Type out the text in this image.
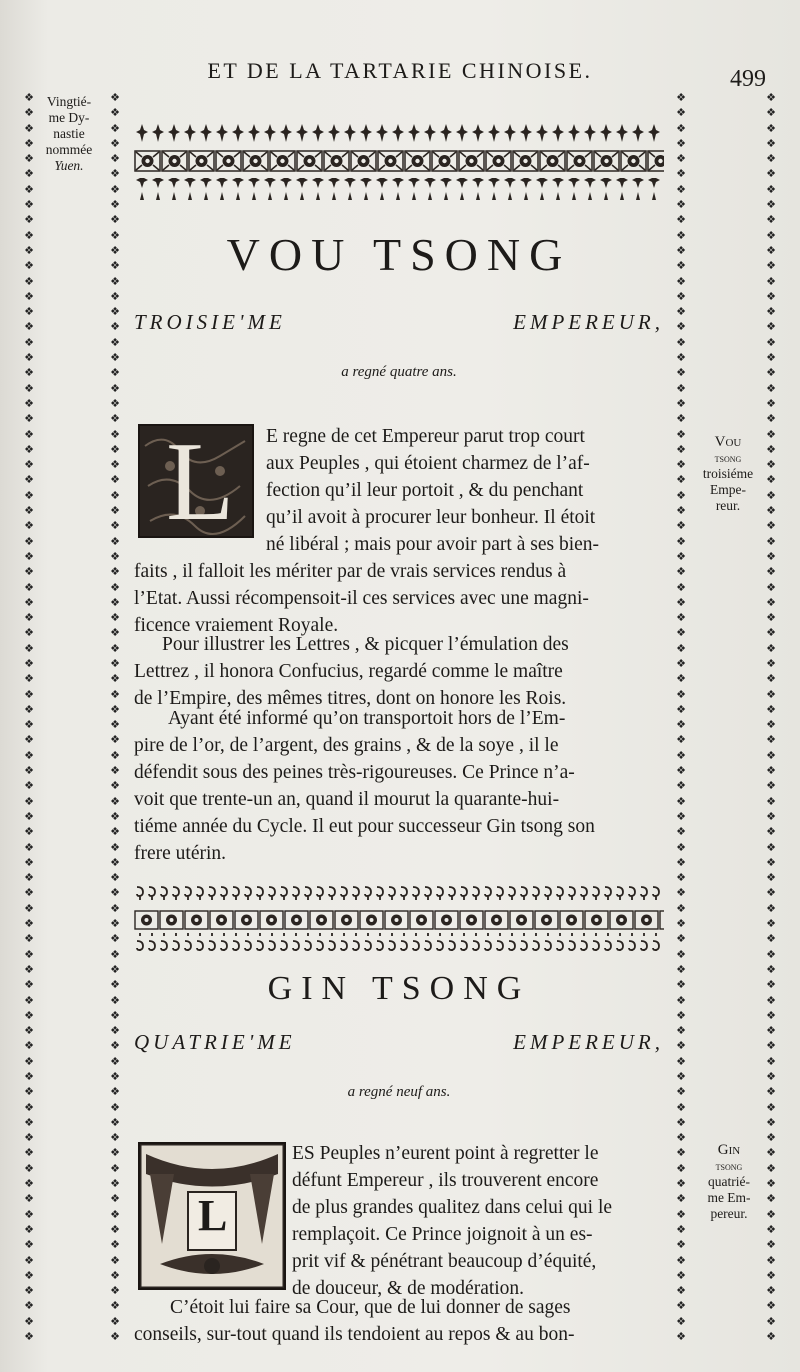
ET DE LA TARTARIE CHINOISE.	499
❖
❖
❖
❖
❖
❖
❖
❖
❖
❖
❖
❖
❖
❖
❖
❖
❖
❖
❖
❖
❖
❖
❖
❖
❖
❖
❖
❖
❖
❖
❖
❖
❖
❖
❖
❖
❖
❖
❖
❖
❖
❖
❖
❖
❖
❖
❖
❖
❖
❖
❖
❖
❖
❖
❖
❖
❖
❖
❖
❖
❖
❖
❖
❖
❖
❖
❖
❖
❖
❖
❖
❖
❖
❖
❖
❖
❖
❖
❖
❖
❖
❖
❖
❖
❖
❖
❖
❖
❖
❖
❖
❖
❖
❖
❖
❖
❖
❖
❖
❖
❖
❖
❖
❖
❖
❖
❖
❖
❖
❖
❖
❖
❖
❖
❖
❖
❖
❖
❖
❖
❖
❖
❖
❖
❖
❖
❖
❖
❖
❖
❖
❖
❖
❖
❖
❖
❖
❖
❖
❖
❖
❖
❖
❖
❖
❖
❖
❖
❖
❖
❖
❖
❖
❖
❖
❖
❖
❖
❖
❖
❖
❖
❖
❖
❖
❖
❖
❖
❖
❖
❖
❖
❖
❖
❖
❖
❖
❖
❖
❖
❖
❖
❖
❖
❖
❖
❖
❖
❖
❖
❖
❖
❖
❖
❖
❖
❖
❖
❖
❖
❖
❖
❖
❖
❖
❖
❖
❖
❖
❖
❖
❖
❖
❖
❖
❖
❖
❖
❖
❖
❖
❖
❖
❖
❖
❖
❖
❖
❖
❖
❖
❖
❖
❖
❖
❖
❖
❖
❖
❖
❖
❖
❖
❖
❖
❖
❖
❖
❖
❖
❖
❖
❖
❖
❖
❖
❖
❖
❖
❖
❖
❖
❖
❖
❖
❖
❖
❖
❖
❖
❖
❖
❖
❖
❖
❖
❖
❖
❖
❖
❖
❖
❖
❖
❖
❖
❖
❖
❖
❖
❖
❖
❖
❖
❖
❖
❖
❖
❖
❖
❖
❖
❖
❖
❖
❖
❖
❖
❖
❖
❖
❖
❖
❖
❖
❖
❖
❖
❖
❖
❖
❖
❖
❖
❖
❖
❖
❖
Vingtié-
me Dy-
nastie
nommée
Yuen.
VOU TSONG
TROISIE'ME	EMPEREUR,
a regné quatre ans.
L	Vou
tsong
troisiéme
Empe-
reur.
E regne de cet Empereur parut trop court
aux Peuples , qui étoient charmez de l’af-
fection qu’il leur portoit , & du penchant
qu’il avoit à procurer leur bonheur. Il étoit
né libéral ; mais pour avoir part à ses bien-
faits , il falloit les mériter par de vrais services rendus à
l’Etat. Aussi récompensoit-il ces services avec une magni-
ficence vraiement Royale.
Pour illustrer les Lettres , & picquer l’émulation des
Lettrez , il honora Confucius, regardé comme le maître
de l’Empire, des mêmes titres, dont on honore les Rois.
Ayant été informé qu’on transportoit hors de l’Em-
pire de l’or, de l’argent, des grains , & de la soye , il le
défendit sous des peines très-rigoureuses. Ce Prince n’a-
voit que trente-un an, quand il mourut la quarante-hui-
tiéme année du Cycle. Il eut pour successeur Gin tsong son
frere utérin.
GIN TSONG
QUATRIE'ME	EMPEREUR,
a regné neuf ans.
L
Gin
tsong
quatrié-
me Em-
pereur.
ES Peuples n’eurent point à regretter le
défunt Empereur , ils trouverent encore
de plus grandes qualitez dans celui qui le
remplaçoit. Ce Prince joignoit à un es-
prit vif & pénétrant beaucoup d’équité,
de douceur, & de modération.
C’étoit lui faire sa Cour, que de lui donner de sages
conseils, sur-tout quand ils tendoient au repos & au bon-
